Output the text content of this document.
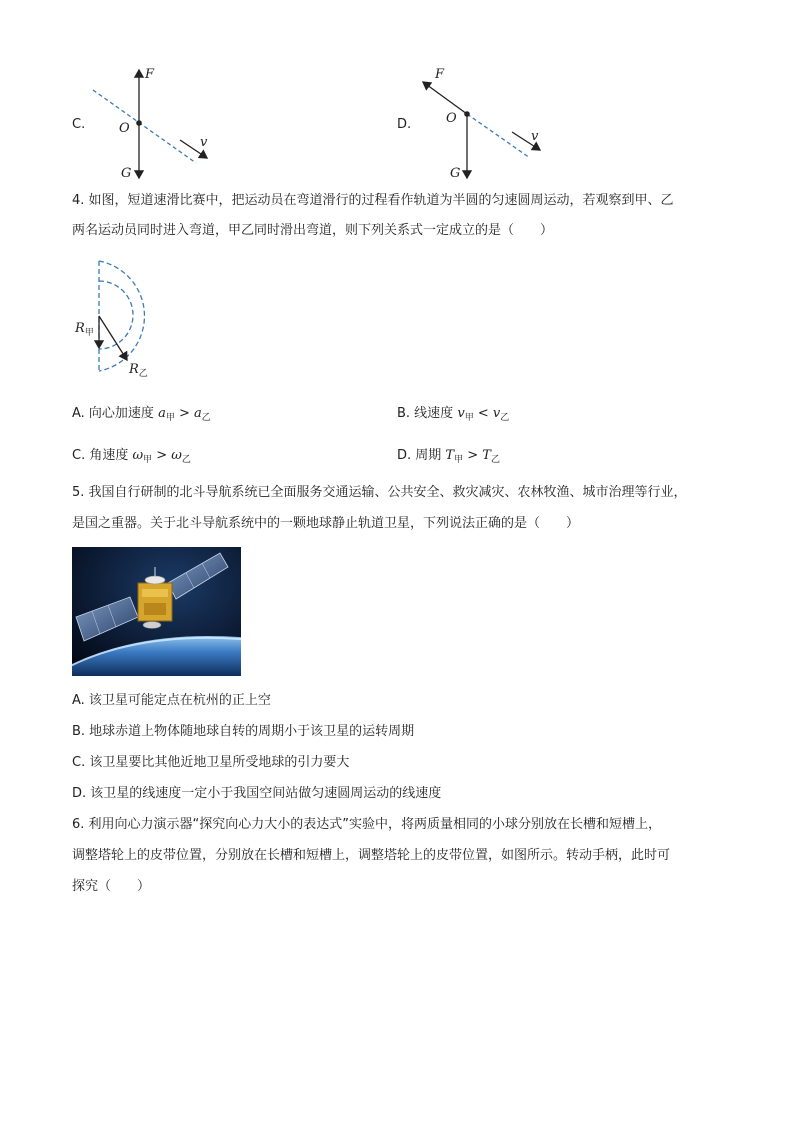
C.
F
O
G
v
D.
F
O
G
v
4. 如图，短道速滑比赛中，把运动员在弯道滑行的过程看作轨道为半圆的匀速圆周运动，若观察到甲、乙
两名运动员同时进入弯道，甲乙同时滑出弯道，则下列关系式一定成立的是（　　）
$R_甲$
$R_乙$
A. 向心加速度 $a_甲 > a_乙$	B. 线速度 $v_甲 < v_乙$
C. 角速度 $\omega_甲 > \omega_乙$	D. 周期 $T_甲 > T_乙$
5. 我国自行研制的北斗导航系统已全面服务交通运输、公共安全、救灾减灾、农林牧渔、城市治理等行业，
是国之重器。关于北斗导航系统中的一颗地球静止轨道卫星，下列说法正确的是（　　）
A. 该卫星可能定点在杭州的正上空
B. 地球赤道上物体随地球自转的周期小于该卫星的运转周期
C. 该卫星要比其他近地卫星所受地球的引力要大
D. 该卫星的线速度一定小于我国空间站做匀速圆周运动的线速度
6. 利用向心力演示器“探究向心力大小的表达式”实验中，将两质量相同的小球分别放在长槽和短槽上，
调整塔轮上的皮带位置，分别放在长槽和短槽上，调整塔轮上的皮带位置，如图所示。转动手柄，此时可
探究（　　）
